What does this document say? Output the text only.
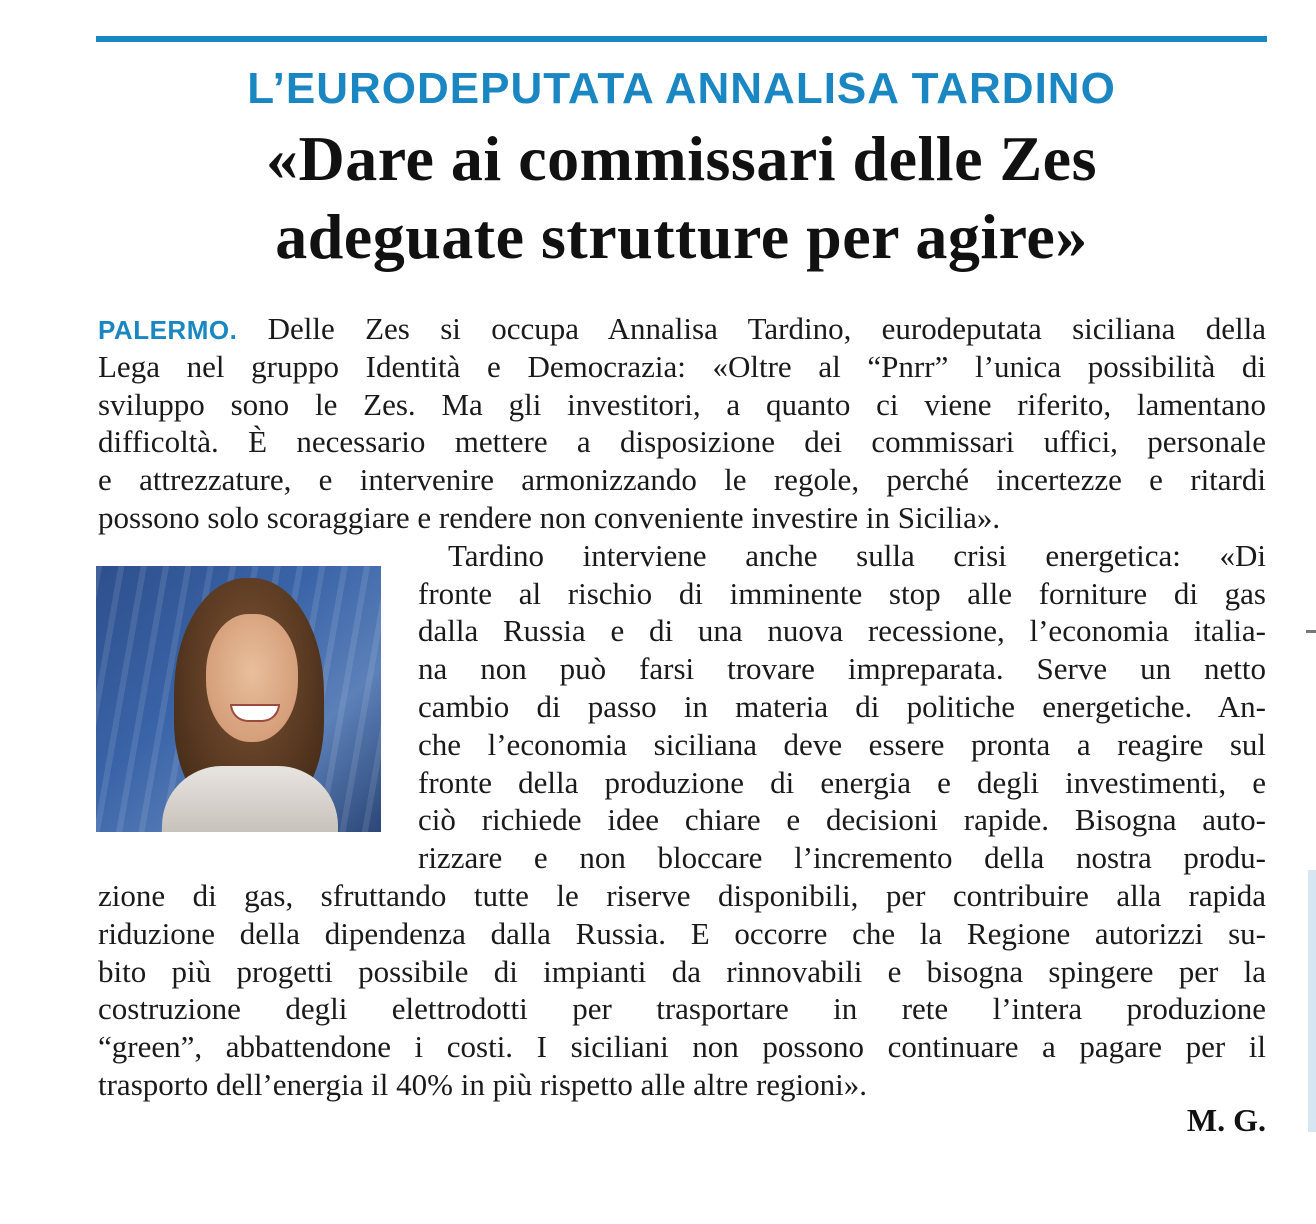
L’EURODEPUTATA ANNALISA TARDINO
«Dare ai commissari delle Zes
adeguate strutture per agire»
PALERMO. Delle Zes si occupa Annalisa Tardino, eurodeputata siciliana della
Lega nel gruppo Identità e Democrazia: «Oltre al “Pnrr” l’unica possibilità di
sviluppo sono le Zes. Ma gli investitori, a quanto ci viene riferito, lamentano
difficoltà. È necessario mettere a disposizione dei commissari uffici, personale
e attrezzature, e intervenire armonizzando le regole, perché incertezze e ritardi
possono solo scoraggiare e rendere non conveniente investire in Sicilia».
Tardino interviene anche sulla crisi energetica: «Di
fronte al rischio di imminente stop alle forniture di gas
dalla Russia e di una nuova recessione, l’economia italia-
na non può farsi trovare impreparata. Serve un netto
cambio di passo in materia di politiche energetiche. An-
che l’economia siciliana deve essere pronta a reagire sul
fronte della produzione di energia e degli investimenti, e
ciò richiede idee chiare e decisioni rapide. Bisogna auto-
rizzare e non bloccare l’incremento della nostra produ-
zione di gas, sfruttando tutte le riserve disponibili, per contribuire alla rapida
riduzione della dipendenza dalla Russia. E occorre che la Regione autorizzi su-
bito più progetti possibile di impianti da rinnovabili e bisogna spingere per la
costruzione degli elettrodotti per trasportare in rete l’intera produzione
“green”, abbattendone i costi. I siciliani non possono continuare a pagare per il
trasporto dell’energia il 40% in più rispetto alle altre regioni».
M. G.
